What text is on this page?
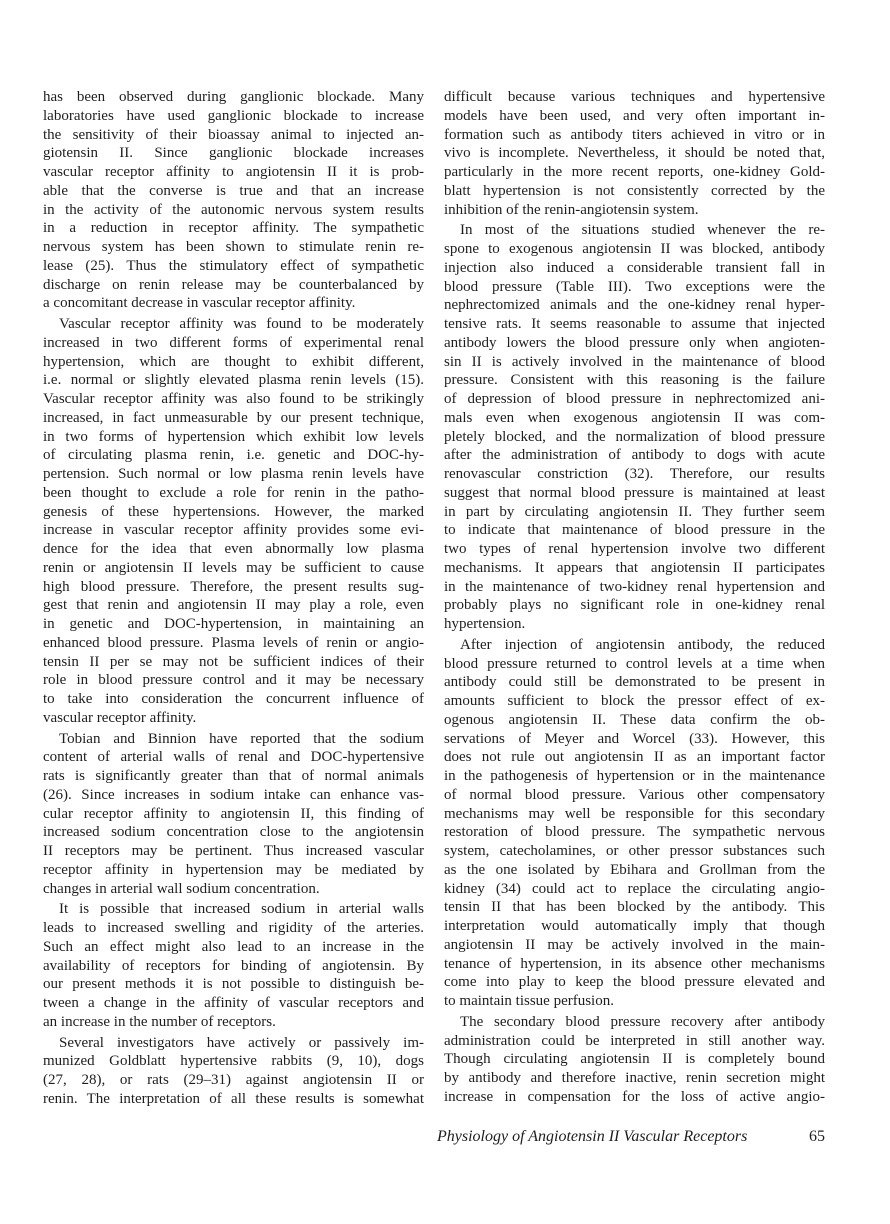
has been observed during ganglionic blockade. Many
laboratories have used ganglionic blockade to increase
the sensitivity of their bioassay animal to injected an-
giotensin II. Since ganglionic blockade increases
vascular receptor affinity to angiotensin II it is prob-
able that the converse is true and that an increase
in the activity of the autonomic nervous system results
in a reduction in receptor affinity. The sympathetic
nervous system has been shown to stimulate renin re-
lease (25). Thus the stimulatory effect of sympathetic
discharge on renin release may be counterbalanced by
a concomitant decrease in vascular receptor affinity.
Vascular receptor affinity was found to be moderately
increased in two different forms of experimental renal
hypertension, which are thought to exhibit different,
i.e. normal or slightly elevated plasma renin levels (15).
Vascular receptor affinity was also found to be strikingly
increased, in fact unmeasurable by our present technique,
in two forms of hypertension which exhibit low levels
of circulating plasma renin, i.e. genetic and DOC-hy-
pertension. Such normal or low plasma renin levels have
been thought to exclude a role for renin in the patho-
genesis of these hypertensions. However, the marked
increase in vascular receptor affinity provides some evi-
dence for the idea that even abnormally low plasma
renin or angiotensin II levels may be sufficient to cause
high blood pressure. Therefore, the present results sug-
gest that renin and angiotensin II may play a role, even
in genetic and DOC-hypertension, in maintaining an
enhanced blood pressure. Plasma levels of renin or angio-
tensin II per se may not be sufficient indices of their
role in blood pressure control and it may be necessary
to take into consideration the concurrent influence of
vascular receptor affinity.
Tobian and Binnion have reported that the sodium
content of arterial walls of renal and DOC-hypertensive
rats is significantly greater than that of normal animals
(26). Since increases in sodium intake can enhance vas-
cular receptor affinity to angiotensin II, this finding of
increased sodium concentration close to the angiotensin
II receptors may be pertinent. Thus increased vascular
receptor affinity in hypertension may be mediated by
changes in arterial wall sodium concentration.
It is possible that increased sodium in arterial walls
leads to increased swelling and rigidity of the arteries.
Such an effect might also lead to an increase in the
availability of receptors for binding of angiotensin. By
our present methods it is not possible to distinguish be-
tween a change in the affinity of vascular receptors and
an increase in the number of receptors.
Several investigators have actively or passively im-
munized Goldblatt hypertensive rabbits (9, 10), dogs
(27, 28), or rats (29–31) against angiotensin II or
renin. The interpretation of all these results is somewhat
difficult because various techniques and hypertensive
models have been used, and very often important in-
formation such as antibody titers achieved in vitro or in
vivo is incomplete. Nevertheless, it should be noted that,
particularly in the more recent reports, one-kidney Gold-
blatt hypertension is not consistently corrected by the
inhibition of the renin-angiotensin system.
In most of the situations studied whenever the re-
spone to exogenous angiotensin II was blocked, antibody
injection also induced a considerable transient fall in
blood pressure (Table III). Two exceptions were the
nephrectomized animals and the one-kidney renal hyper-
tensive rats. It seems reasonable to assume that injected
antibody lowers the blood pressure only when angioten-
sin II is actively involved in the maintenance of blood
pressure. Consistent with this reasoning is the failure
of depression of blood pressure in nephrectomized ani-
mals even when exogenous angiotensin II was com-
pletely blocked, and the normalization of blood pressure
after the administration of antibody to dogs with acute
renovascular constriction (32). Therefore, our results
suggest that normal blood pressure is maintained at least
in part by circulating angiotensin II. They further seem
to indicate that maintenance of blood pressure in the
two types of renal hypertension involve two different
mechanisms. It appears that angiotensin II participates
in the maintenance of two-kidney renal hypertension and
probably plays no significant role in one-kidney renal
hypertension.
After injection of angiotensin antibody, the reduced
blood pressure returned to control levels at a time when
antibody could still be demonstrated to be present in
amounts sufficient to block the pressor effect of ex-
ogenous angiotensin II. These data confirm the ob-
servations of Meyer and Worcel (33). However, this
does not rule out angiotensin II as an important factor
in the pathogenesis of hypertension or in the maintenance
of normal blood pressure. Various other compensatory
mechanisms may well be responsible for this secondary
restoration of blood pressure. The sympathetic nervous
system, catecholamines, or other pressor substances such
as the one isolated by Ebihara and Grollman from the
kidney (34) could act to replace the circulating angio-
tensin II that has been blocked by the antibody. This
interpretation would automatically imply that though
angiotensin II may be actively involved in the main-
tenance of hypertension, in its absence other mechanisms
come into play to keep the blood pressure elevated and
to maintain tissue perfusion.
The secondary blood pressure recovery after antibody
administration could be interpreted in still another way.
Though circulating angiotensin II is completely bound
by antibody and therefore inactive, renin secretion might
increase in compensation for the loss of active angio-
Physiology of Angiotensin II Vascular Receptors	65
